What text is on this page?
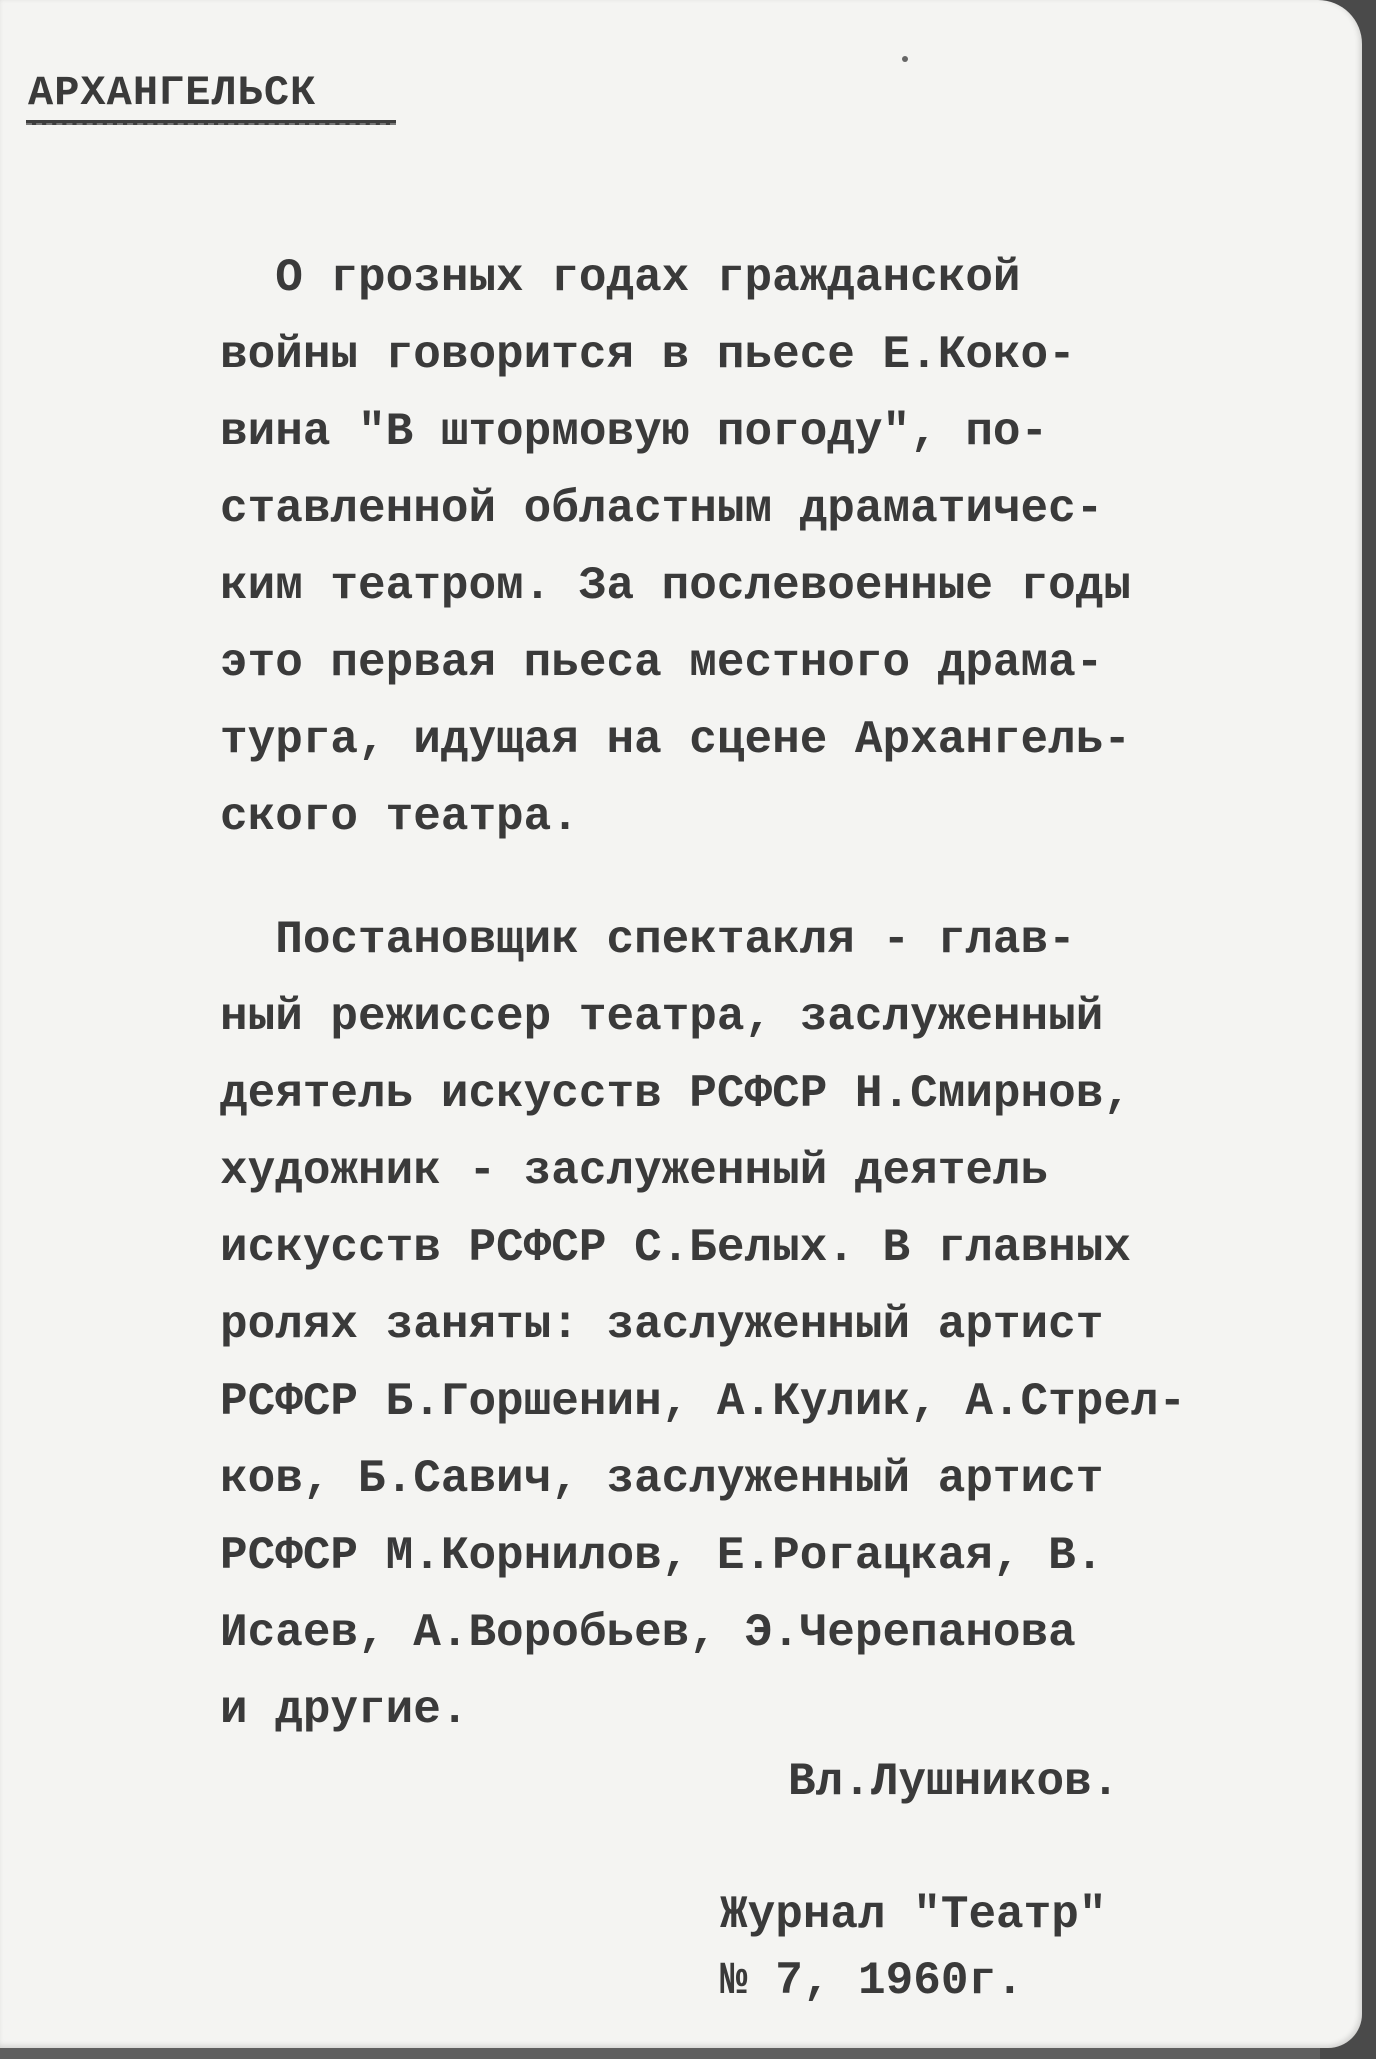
АРХАНГЕЛЬСК

О грозных годах гражданской
войны говорится в пьесе Е.Коко-
вина "В штормовую погоду", по-
ставленной областным драматичес-
ким театром. За послевоенные годы
это первая пьеса местного драма-
турга, идущая на сцене Архангель-
ского театра.

Постановщик спектакля - глав-
ный режиссер театра, заслуженный
деятель искусств РСФСР Н.Смирнов,
художник - заслуженный деятель
искусств РСФСР С.Белых. В главных
ролях заняты: заслуженный артист
РСФСР Б.Горшенин, А.Кулик, А.Стрел-
ков, Б.Савич, заслуженный артист
РСФСР М.Корнилов, Е.Рогацкая, В.
Исаев, А.Воробьев, Э.Черепанова
и другие.

Вл.Лушников.
Журнал "Театр"
№ 7, 1960г.
